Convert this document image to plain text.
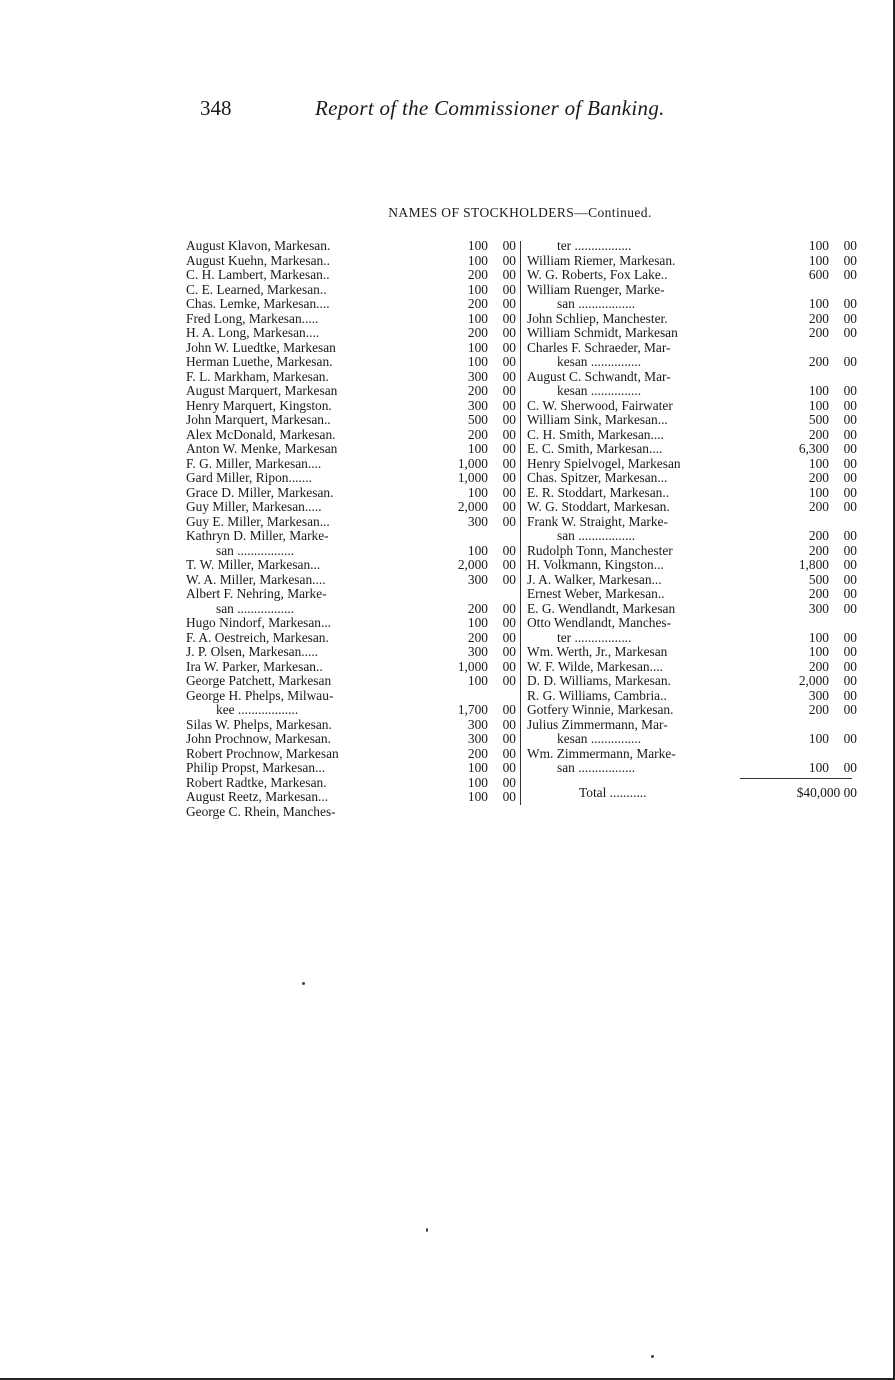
348	Report of the Commissioner of Banking.
NAMES OF STOCKHOLDERS—Continued.
August Klavon, Markesan.	100 00
August Kuehn, Markesan..	100 00
C. H. Lambert, Markesan..	200 00
C. E. Learned, Markesan..	100 00
Chas. Lemke, Markesan....	200 00
Fred Long, Markesan.....	100 00
H. A. Long, Markesan....	200 00
John W. Luedtke, Markesan	100 00
Herman Luethe, Markesan.	100 00
F. L. Markham, Markesan.	300 00
August Marquert, Markesan	200 00
Henry Marquert, Kingston.	300 00
John Marquert, Markesan..	500 00
Alex McDonald, Markesan.	200 00
Anton W. Menke, Markesan	100 00
F. G. Miller, Markesan....	1,000 00
Gard Miller, Ripon.......	1,000 00
Grace D. Miller, Markesan.	100 00
Guy Miller, Markesan.....	2,000 00
Guy E. Miller, Markesan...	300 00
Kathryn D. Miller, Marke-
san .................	100 00
T. W. Miller, Markesan...	2,000 00
W. A. Miller, Markesan....	300 00
Albert F. Nehring, Marke-
san .................	200 00
Hugo Nindorf, Markesan...	100 00
F. A. Oestreich, Markesan.	200 00
J. P. Olsen, Markesan.....	300 00
Ira W. Parker, Markesan..	1,000 00
George Patchett, Markesan	100 00
George H. Phelps, Milwau-
kee ..................	1,700 00
Silas W. Phelps, Markesan.	300 00
John Prochnow, Markesan.	300 00
Robert Prochnow, Markesan	200 00
Philip Propst, Markesan...	100 00
Robert Radtke, Markesan.	100 00
August Reetz, Markesan...	100 00
George C. Rhein, Manches-
ter .................	100 00
William Riemer, Markesan.	100 00
W. G. Roberts, Fox Lake..	600 00
William Ruenger, Marke-
san .................	100 00
John Schliep, Manchester.	200 00
William Schmidt, Markesan	200 00
Charles F. Schraeder, Mar-
kesan ...............	200 00
August C. Schwandt, Mar-
kesan ...............	100 00
C. W. Sherwood, Fairwater	100 00
William Sink, Markesan...	500 00
C. H. Smith, Markesan....	200 00
E. C. Smith, Markesan....	6,300 00
Henry Spielvogel, Markesan	100 00
Chas. Spitzer, Markesan...	200 00
E. R. Stoddart, Markesan..	100 00
W. G. Stoddart, Markesan.	200 00
Frank W. Straight, Marke-
san .................	200 00
Rudolph Tonn, Manchester	200 00
H. Volkmann, Kingston...	1,800 00
J. A. Walker, Markesan...	500 00
Ernest Weber, Markesan..	200 00
E. G. Wendlandt, Markesan	300 00
Otto Wendlandt, Manches-
ter .................	100 00
Wm. Werth, Jr., Markesan	100 00
W. F. Wilde, Markesan....	200 00
D. D. Williams, Markesan.	2,000 00
R. G. Williams, Cambria..	300 00
Gotfery Winnie, Markesan.	200 00
Julius Zimmermann, Mar-
kesan ...............	100 00
Wm. Zimmermann, Marke-
san .................	100 00
Total ...........	$40,000 00
